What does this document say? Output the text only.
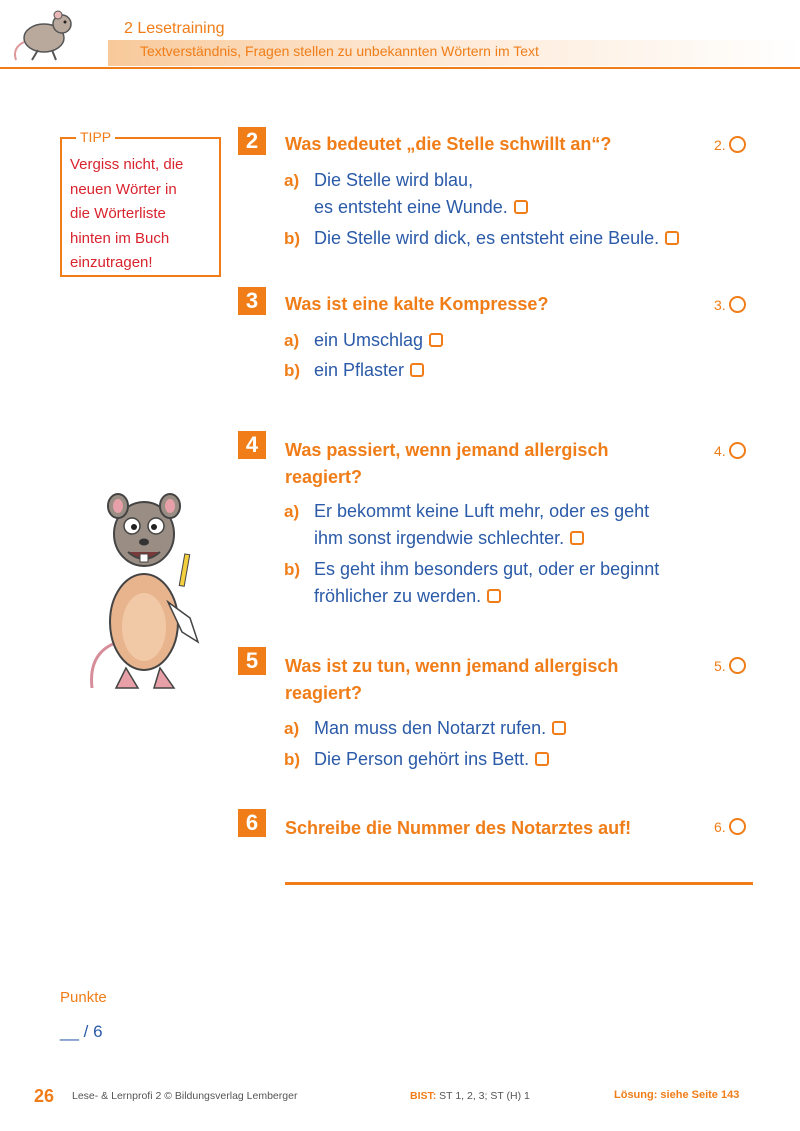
2 Lesetraining
Textverständnis, Fragen stellen zu unbekannten Wörtern im Text
TIPP
Vergiss nicht, die
neuen Wörter in
die Wörterliste
hinten im Buch
einzutragen!
2	Was bedeutet „die Stelle schwillt an“?	2.
a) Die Stelle wird blau,
es entsteht eine Wunde.
b) Die Stelle wird dick, es entsteht eine Beule.
3	Was ist eine kalte Kompresse?	3.
a) ein Umschlag
b) ein Pflaster
4	Was passiert, wenn jemand allergisch
reagiert?
4.
a) Er bekommt keine Luft mehr, oder es geht
ihm sonst irgendwie schlechter.
b) Es geht ihm besonders gut, oder er beginnt
fröhlicher zu werden.
5	Was ist zu tun, wenn jemand allergisch
reagiert?
5.
a) Man muss den Notarzt rufen.
b) Die Person gehört ins Bett.
6	Schreibe die Nummer des Notarztes auf!	6.
Punkte
__ / 6
26 Lese- & Lernprofi 2 © Bildungsverlag Lemberger	BIST: ST 1, 2, 3; ST (H) 1	Lösung: siehe Seite 143
